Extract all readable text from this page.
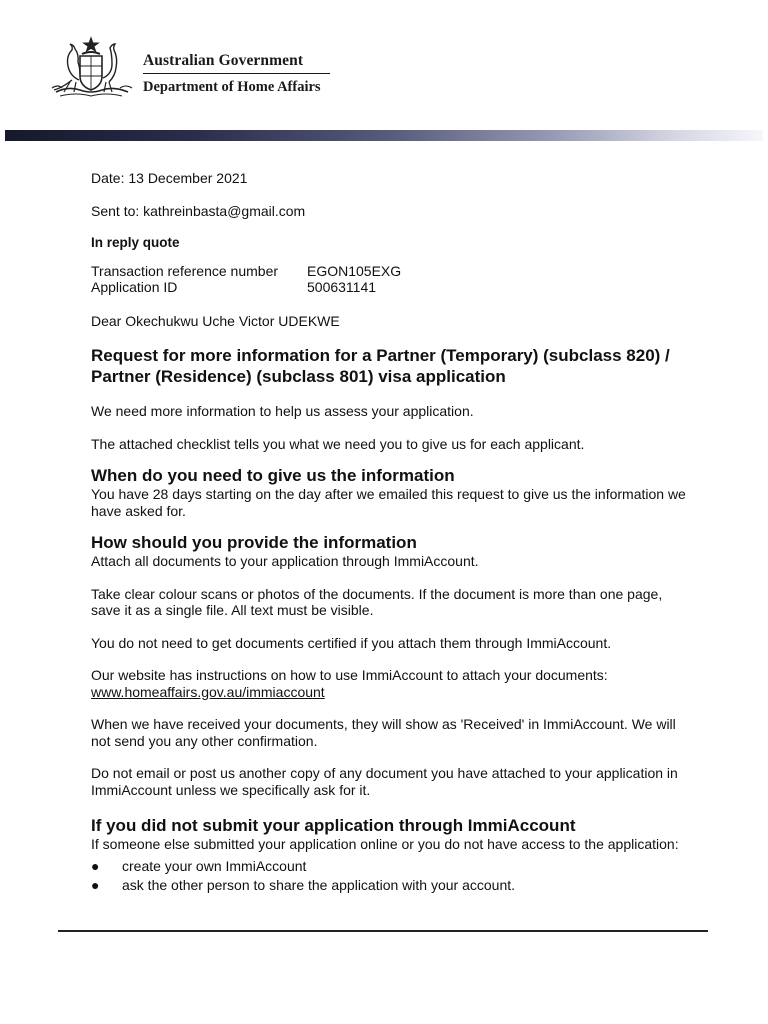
Australian Government
Department of Home Affairs

Date: 13 December 2021

Sent to: kathreinbasta@gmail.com

In reply quote

Transaction reference number	EGON105EXG
Application ID	500631141

Dear Okechukwu Uche Victor UDEKWE

Request for more information for a Partner (Temporary) (subclass 820) / Partner (Residence) (subclass 801) visa application

We need more information to help us assess your application.

The attached checklist tells you what we need you to give us for each applicant.

When do you need to give us the information

You have 28 days starting on the day after we emailed this request to give us the information we have asked for.

How should you provide the information

Attach all documents to your application through ImmiAccount.

Take clear colour scans or photos of the documents. If the document is more than one page, save it as a single file. All text must be visible.

You do not need to get documents certified if you attach them through ImmiAccount.

Our website has instructions on how to use ImmiAccount to attach your documents:
www.homeaffairs.gov.au/immiaccount

When we have received your documents, they will show as 'Received' in ImmiAccount. We will not send you any other confirmation.

Do not email or post us another copy of any document you have attached to your application in ImmiAccount unless we specifically ask for it.

If you did not submit your application through ImmiAccount

If someone else submitted your application online or you do not have access to the application:

● create your own ImmiAccount
● ask the other person to share the application with your account.
